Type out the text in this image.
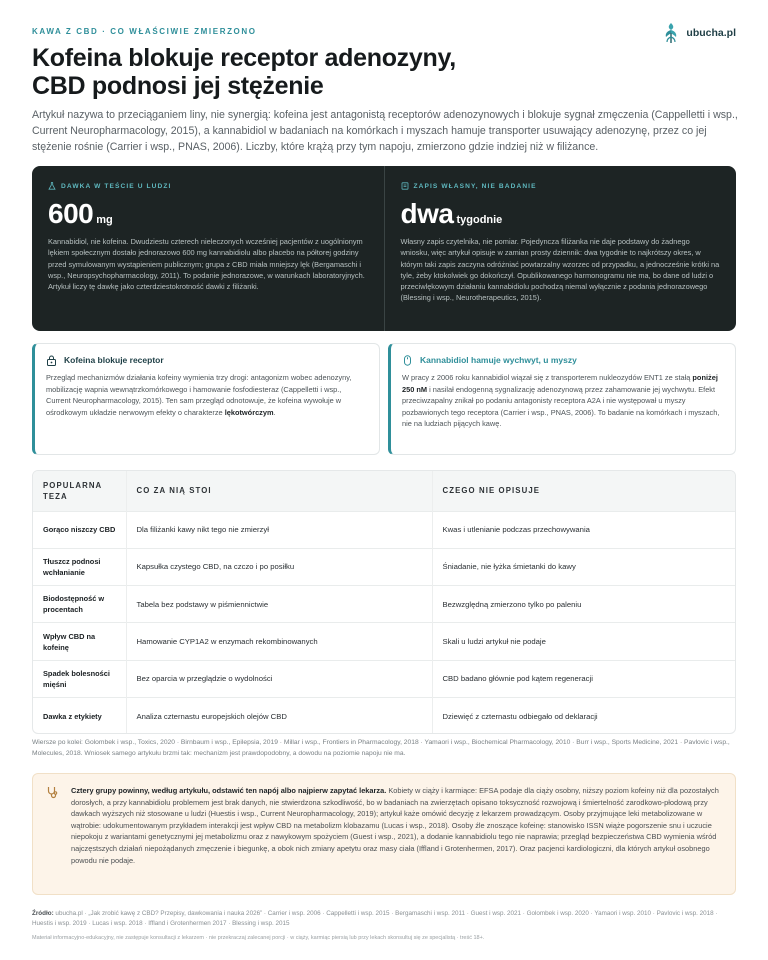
KAWA Z CBD · CO WŁAŚCIWIE ZMIERZONO	ubucha.pl
Kofeina blokuje receptor adenozyny,
CBD podnosi jej stężenie

Artykuł nazywa to przeciąganiem liny, nie synergią: kofeina jest antagonistą receptorów adenozynowych i blokuje sygnał zmęczenia (Cappelletti i wsp., Current Neuropharmacology, 2015), a kannabidiol w badaniach na komórkach i myszach hamuje transporter usuwający adenozynę, przez co jej stężenie rośnie (Carrier i wsp., PNAS, 2006). Liczby, które krążą przy tym napoju, zmierzono gdzie indziej niż w filiżance.

DAWKA W TEŚCIE U LUDZI
600 mg

Kannabidiol, nie kofeina. Dwudziestu czterech nieleczonych wcześniej pacjentów z uogólnionym lękiem społecznym dostało jednorazowo 600 mg kannabidiolu albo placebo na półtorej godziny przed symulowanym wystąpieniem publicznym; grupa z CBD miała mniejszy lęk (Bergamaschi i wsp., Neuropsychopharmacology, 2011). To podanie jednorazowe, w warunkach laboratoryjnych. Artykuł liczy tę dawkę jako czterdziestokrotność dawki z filiżanki.

ZAPIS WŁASNY, NIE BADANIE
dwa tygodnie

Własny zapis czytelnika, nie pomiar. Pojedyncza filiżanka nie daje podstawy do żadnego wniosku, więc artykuł opisuje w zamian prosty dziennik: dwa tygodnie to najkrótszy okres, w którym taki zapis zaczyna odróżniać powtarzalny wzorzec od przypadku, a jednocześnie krótki na tyle, żeby ktokolwiek go dokończył. Opublikowanego harmonogramu nie ma, bo dane od ludzi o przeciwlękowym działaniu kannabidiolu pochodzą niemal wyłącznie z podania jednorazowego (Blessing i wsp., Neurotherapeutics, 2015).

Kofeina blokuje receptor

Przegląd mechanizmów działania kofeiny wymienia trzy drogi: antagonizm wobec adenozyny, mobilizację wapnia wewnątrzkomórkowego i hamowanie fosfodiesteraz (Cappelletti i wsp., Current Neuropharmacology, 2015). Ten sam przegląd odnotowuje, że kofeina wywołuje w ośrodkowym układzie nerwowym efekty o charakterze lękotwórczym.

Kannabidiol hamuje wychwyt, u myszy

W pracy z 2006 roku kannabidiol wiązał się z transporterem nukleozydów ENT1 ze stałą poniżej 250 nM i nasilał endogenną sygnalizację adenozynową przez zahamowanie jej wychwytu. Efekt przeciwzapalny znikał po podaniu antagonisty receptora A2A i nie występował u myszy pozbawionych tego receptora (Carrier i wsp., PNAS, 2006). To badanie na komórkach i myszach, nie na ludziach pijących kawę.

POPULARNA TEZA	CO ZA NIĄ STOI	CZEGO NIE OPISUJE
Gorąco niszczy CBD	Dla filiżanki kawy nikt tego nie zmierzył	Kwas i utlenianie podczas przechowywania
Tłuszcz podnosi wchłanianie	Kapsułka czystego CBD, na czczo i po posiłku	Śniadanie, nie łyżka śmietanki do kawy
Biodostępność w procentach	Tabela bez podstawy w piśmiennictwie	Bezwzględną zmierzono tylko po paleniu
Wpływ CBD na kofeinę	Hamowanie CYP1A2 w enzymach rekombinowanych	Skali u ludzi artykuł nie podaje
Spadek bolesności mięśni	Bez oparcia w przeglądzie o wydolności	CBD badano głównie pod kątem regeneracji
Dawka z etykiety	Analiza czternastu europejskich olejów CBD	Dziewięć z czternastu odbiegało od deklaracji

Wiersze po kolei: Golombek i wsp., Toxics, 2020 · Birnbaum i wsp., Epilepsia, 2019 · Millar i wsp., Frontiers in Pharmacology, 2018 · Yamaori i wsp., Biochemical Pharmacology, 2010 · Burr i wsp., Sports Medicine, 2021 · Pavlovic i wsp., Molecules, 2018. Wniosek samego artykułu brzmi tak: mechanizm jest prawdopodobny, a dowodu na poziomie napoju nie ma.

Cztery grupy powinny, według artykułu, odstawić ten napój albo najpierw zapytać lekarza. Kobiety w ciąży i karmiące: EFSA podaje dla ciąży osobny, niższy poziom kofeiny niż dla pozostałych dorosłych, a przy kannabidiolu problemem jest brak danych, nie stwierdzona szkodliwość, bo w badaniach na zwierzętach opisano toksyczność rozwojową i śmiertelność zarodkowo-płodową przy dawkach wyższych niż stosowane u ludzi (Huestis i wsp., Current Neuropharmacology, 2019); artykuł każe omówić decyzję z lekarzem prowadzącym. Osoby przyjmujące leki metabolizowane w wątrobie: udokumentowanym przykładem interakcji jest wpływ CBD na metabolizm klobazamu (Lucas i wsp., 2018). Osoby źle znoszące kofeinę: stanowisko ISSN wiąże pogorszenie snu i uczucie niepokoju z wariantami genetycznymi jej metabolizmu oraz z nawykowym spożyciem (Guest i wsp., 2021), a dodanie kannabidiolu tego nie naprawia; przegląd bezpieczeństwa CBD wymienia wśród najczęstszych działań niepożądanych zmęczenie i biegunkę, a obok nich zmiany apetytu oraz masy ciała (Iffland i Grotenhermen, 2017). Oraz pacjenci kardiologiczni, dla których artykuł osobnego powodu nie podaje.

Źródło: ubucha.pl · „Jak zrobić kawę z CBD? Przepisy, dawkowania i nauka 2026” · Carrier i wsp. 2006 · Cappelletti i wsp. 2015 · Bergamaschi i wsp. 2011 · Guest i wsp. 2021 · Golombek i wsp. 2020 · Yamaori i wsp. 2010 · Pavlovic i wsp. 2018 · Huestis i wsp. 2019 · Lucas i wsp. 2018 · Iffland i Grotenhermen 2017 · Blessing i wsp. 2015

Materiał informacyjno-edukacyjny, nie zastępuje konsultacji z lekarzem · nie przekraczaj zalecanej porcji · w ciąży, karmiąc piersią lub przy lekach skonsultuj się ze specjalistą · treść 18+.
